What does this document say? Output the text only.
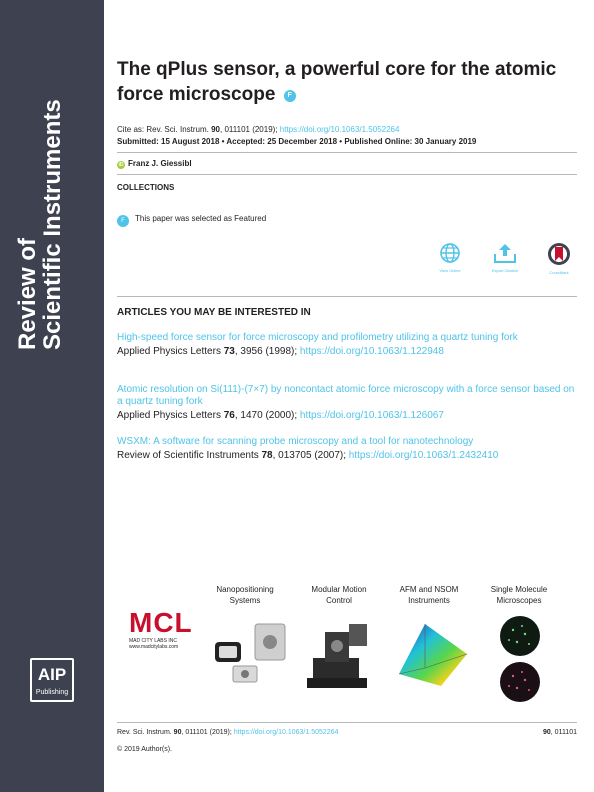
Review of
Scientific Instruments
AIP
Publishing
The qPlus sensor, a powerful core for the atomic force microscope F
Cite as: Rev. Sci. Instrum. 90, 011101 (2019); https://doi.org/10.1063/1.5052264
Submitted: 15 August 2018 • Accepted: 25 December 2018 • Published Online: 30 January 2019
iD Franz J. Giessibl
COLLECTIONS
F This paper was selected as Featured
View Online	Export Citation	CrossMark
ARTICLES YOU MAY BE INTERESTED IN
High-speed force sensor for force microscopy and profilometry utilizing a quartz tuning fork
Applied Physics Letters 73, 3956 (1998); https://doi.org/10.1063/1.122948
Atomic resolution on Si(111)-(7×7) by noncontact atomic force microscopy with a force sensor based on a quartz tuning fork
Applied Physics Letters 76, 1470 (2000); https://doi.org/10.1063/1.126067
WSXM: A software for scanning probe microscopy and a tool for nanotechnology
Review of Scientific Instruments 78, 013705 (2007); https://doi.org/10.1063/1.2432410
MCL
MAD CITY LABS INC
www.madcitylabs.com
Nanopositioning Systems
Modular Motion Control
AFM and NSOM Instruments
Single Molecule Microscopes
Rev. Sci. Instrum. 90, 011101 (2019); https://doi.org/10.1063/1.5052264	90, 011101
© 2019 Author(s).
